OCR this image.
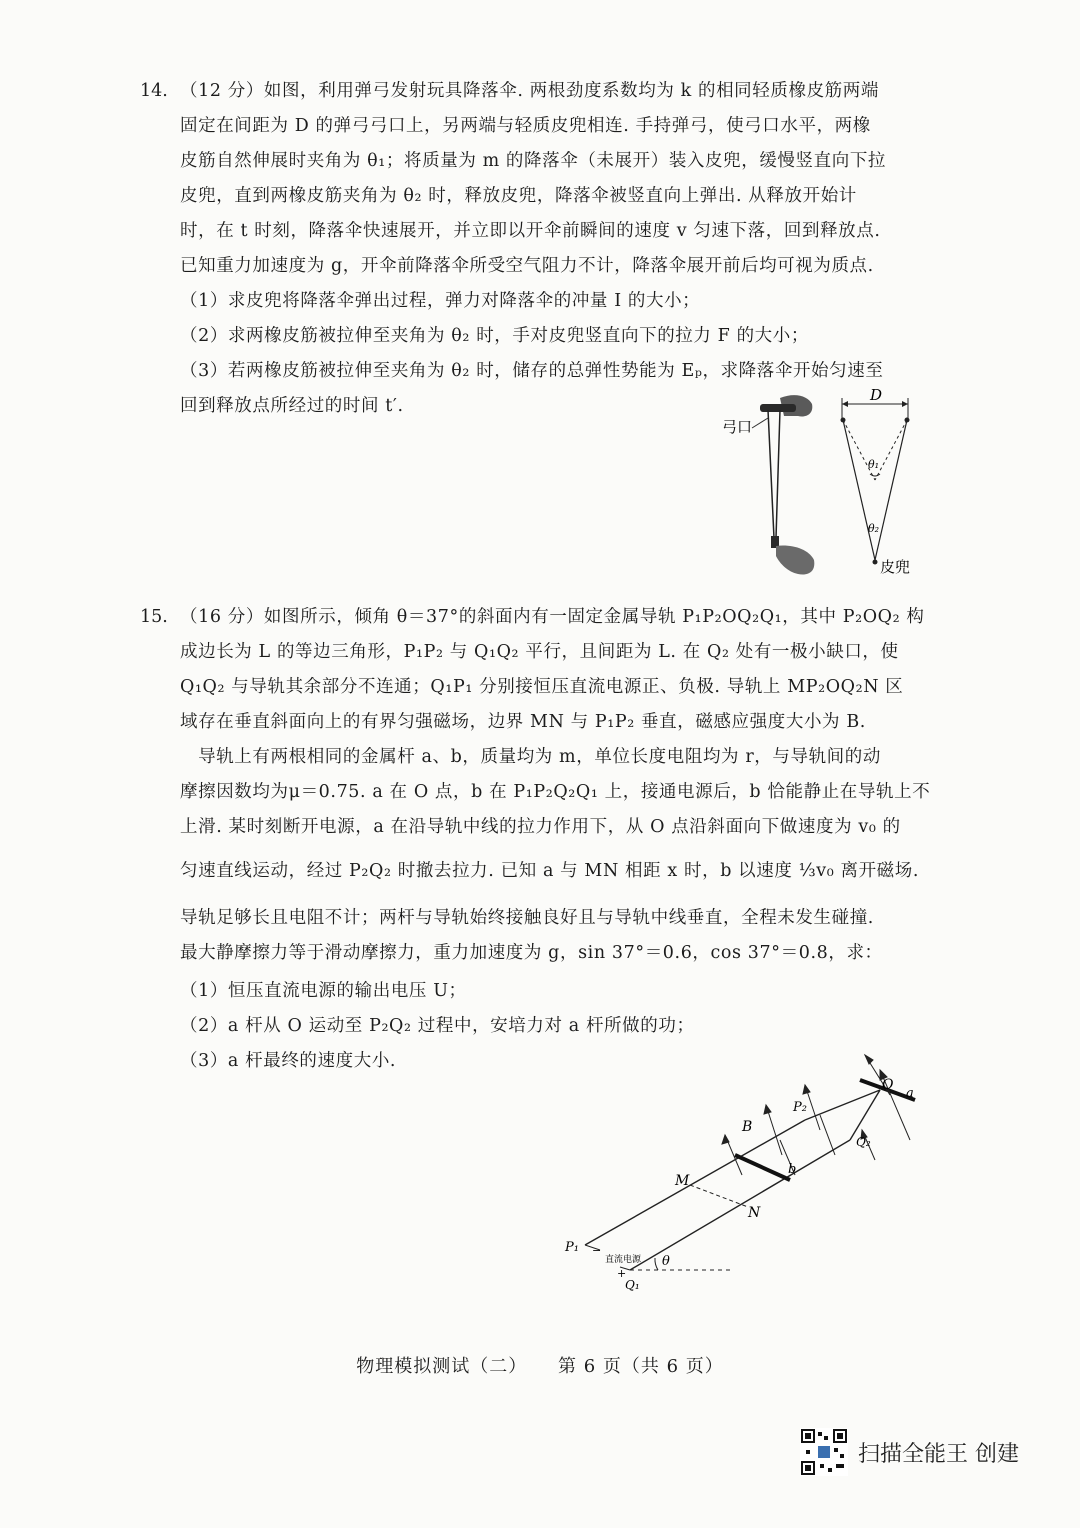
14. （12 分）如图，利用弹弓发射玩具降落伞. 两根劲度系数均为 k 的相同轻质橡皮筋两端
固定在间距为 D 的弹弓弓口上，另两端与轻质皮兜相连. 手持弹弓，使弓口水平，两橡
皮筋自然伸展时夹角为 θ₁；将质量为 m 的降落伞（未展开）装入皮兜，缓慢竖直向下拉
皮兜，直到两橡皮筋夹角为 θ₂ 时，释放皮兜，降落伞被竖直向上弹出. 从释放开始计
时，在 t 时刻，降落伞快速展开，并立即以开伞前瞬间的速度 v 匀速下落，回到释放点.
已知重力加速度为 g，开伞前降落伞所受空气阻力不计，降落伞展开前后均可视为质点.
（1）求皮兜将降落伞弹出过程，弹力对降落伞的冲量 I 的大小；
（2）求两橡皮筋被拉伸至夹角为 θ₂ 时，手对皮兜竖直向下的拉力 F 的大小；
（3）若两橡皮筋被拉伸至夹角为 θ₂ 时，储存的总弹性势能为 Eₚ，求降落伞开始匀速至
回到释放点所经过的时间 t′.
弓口
D
θ₁
θ₂
皮兜
15. （16 分）如图所示，倾角 θ＝37°的斜面内有一固定金属导轨 P₁P₂OQ₂Q₁，其中 P₂OQ₂ 构
成边长为 L 的等边三角形，P₁P₂ 与 Q₁Q₂ 平行，且间距为 L. 在 Q₂ 处有一极小缺口，使
Q₁Q₂ 与导轨其余部分不连通；Q₁P₁ 分别接恒压直流电源正、负极. 导轨上 MP₂OQ₂N 区
域存在垂直斜面向上的有界匀强磁场，边界 MN 与 P₁P₂ 垂直，磁感应强度大小为 B.
　导轨上有两根相同的金属杆 a、b，质量均为 m，单位长度电阻均为 r，与导轨间的动
摩擦因数均为μ＝0.75. a 在 O 点，b 在 P₁P₂Q₂Q₁ 上，接通电源后，b 恰能静止在导轨上不
上滑. 某时刻断开电源，a 在沿导轨中线的拉力作用下，从 O 点沿斜面向下做速度为 v₀ 的
匀速直线运动，经过 P₂Q₂ 时撤去拉力. 已知 a 与 MN 相距 x 时，b 以速度 ⅓v₀ 离开磁场.
导轨足够长且电阻不计；两杆与导轨始终接触良好且与导轨中线垂直，全程未发生碰撞.
最大静摩擦力等于滑动摩擦力，重力加速度为 g，sin 37°＝0.6，cos 37°＝0.8，求：
（1）恒压直流电源的输出电压 U；
（2）a 杆从 O 运动至 P₂Q₂ 过程中，安培力对 a 杆所做的功；
（3）a 杆最终的速度大小.
θ
O
a
P₂
Q₂
B
b
M
N
P₁
Q₁
直流电源
−
+
物理模拟测试（二） 第 6 页（共 6 页）
扫描全能王 创建
